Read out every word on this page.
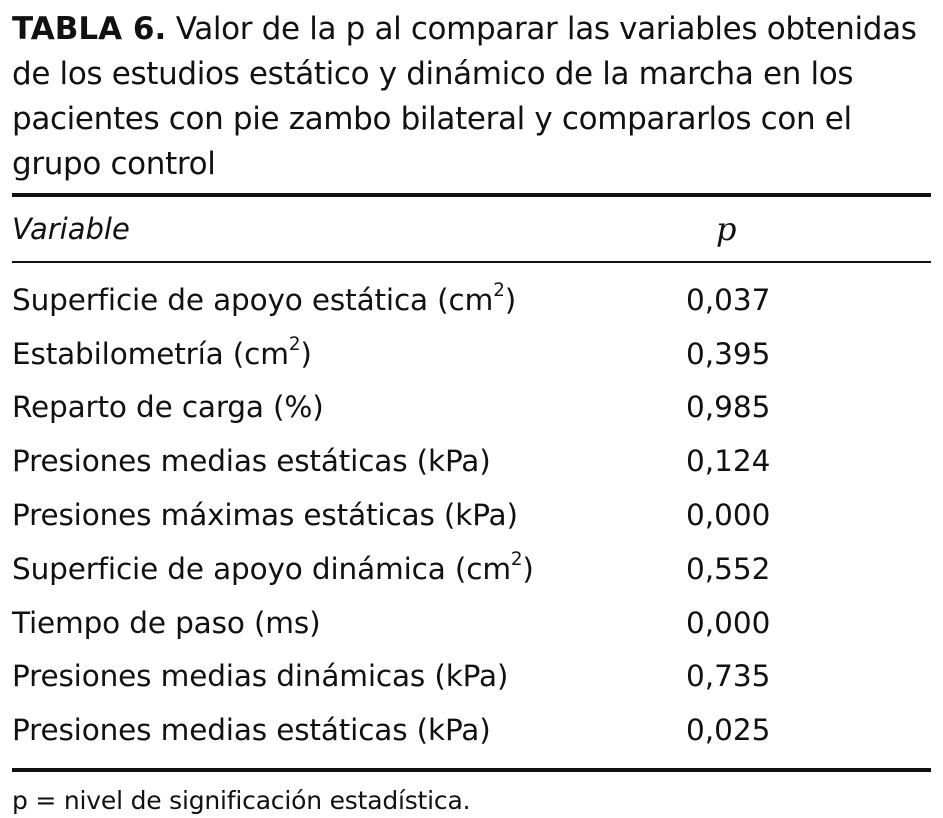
TABLA 6. Valor de la p al comparar las variables obtenidas de los estudios estático y dinámico de la marcha en los pacientes con pie zambo bilateral y compararlos con el grupo control

Variable	p
Superficie de apoyo estática $(cm^2)$	0,037
Estabilometría $(cm^2)$	0,395
Reparto de carga (%)	0,985
Presiones medias estáticas (kPa)	0,124
Presiones máximas estáticas (kPa)	0,000
Superficie de apoyo dinámica $(cm^2)$	0,552
Tiempo de paso (ms)	0,000
Presiones medias dinámicas (kPa)	0,735
Presiones medias estáticas (kPa)	0,025
p = nivel de significación estadística.
